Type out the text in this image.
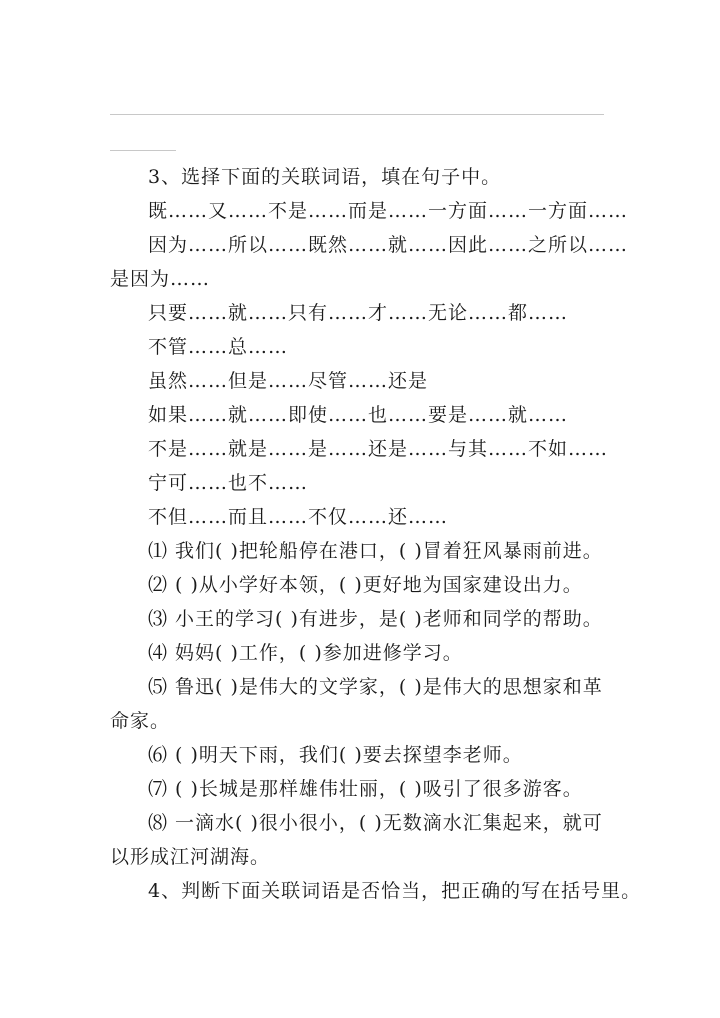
3、选择下面的关联词语，填在句子中。
既……又……不是……而是……一方面……一方面……
因为……所以……既然……就……因此……之所以……
是因为……
只要……就……只有……才……无论……都……
不管……总……
虽然……但是……尽管……还是
如果……就……即使……也……要是……就……
不是……就是……是……还是……与其……不如……
宁可……也不……
不但……而且……不仅……还……
⑴ 我们( )把轮船停在港口，( )冒着狂风暴雨前进。
⑵ ( )从小学好本领，( )更好地为国家建设出力。
⑶ 小王的学习( )有进步，是( )老师和同学的帮助。
⑷ 妈妈( )工作，( )参加进修学习。
⑸ 鲁迅( )是伟大的文学家，( )是伟大的思想家和革
命家。
⑹ ( )明天下雨，我们( )要去探望李老师。
⑺ ( )长城是那样雄伟壮丽，( )吸引了很多游客。
⑻ 一滴水( )很小很小，( )无数滴水汇集起来，就可
以形成江河湖海。
4、判断下面关联词语是否恰当，把正确的写在括号里。
